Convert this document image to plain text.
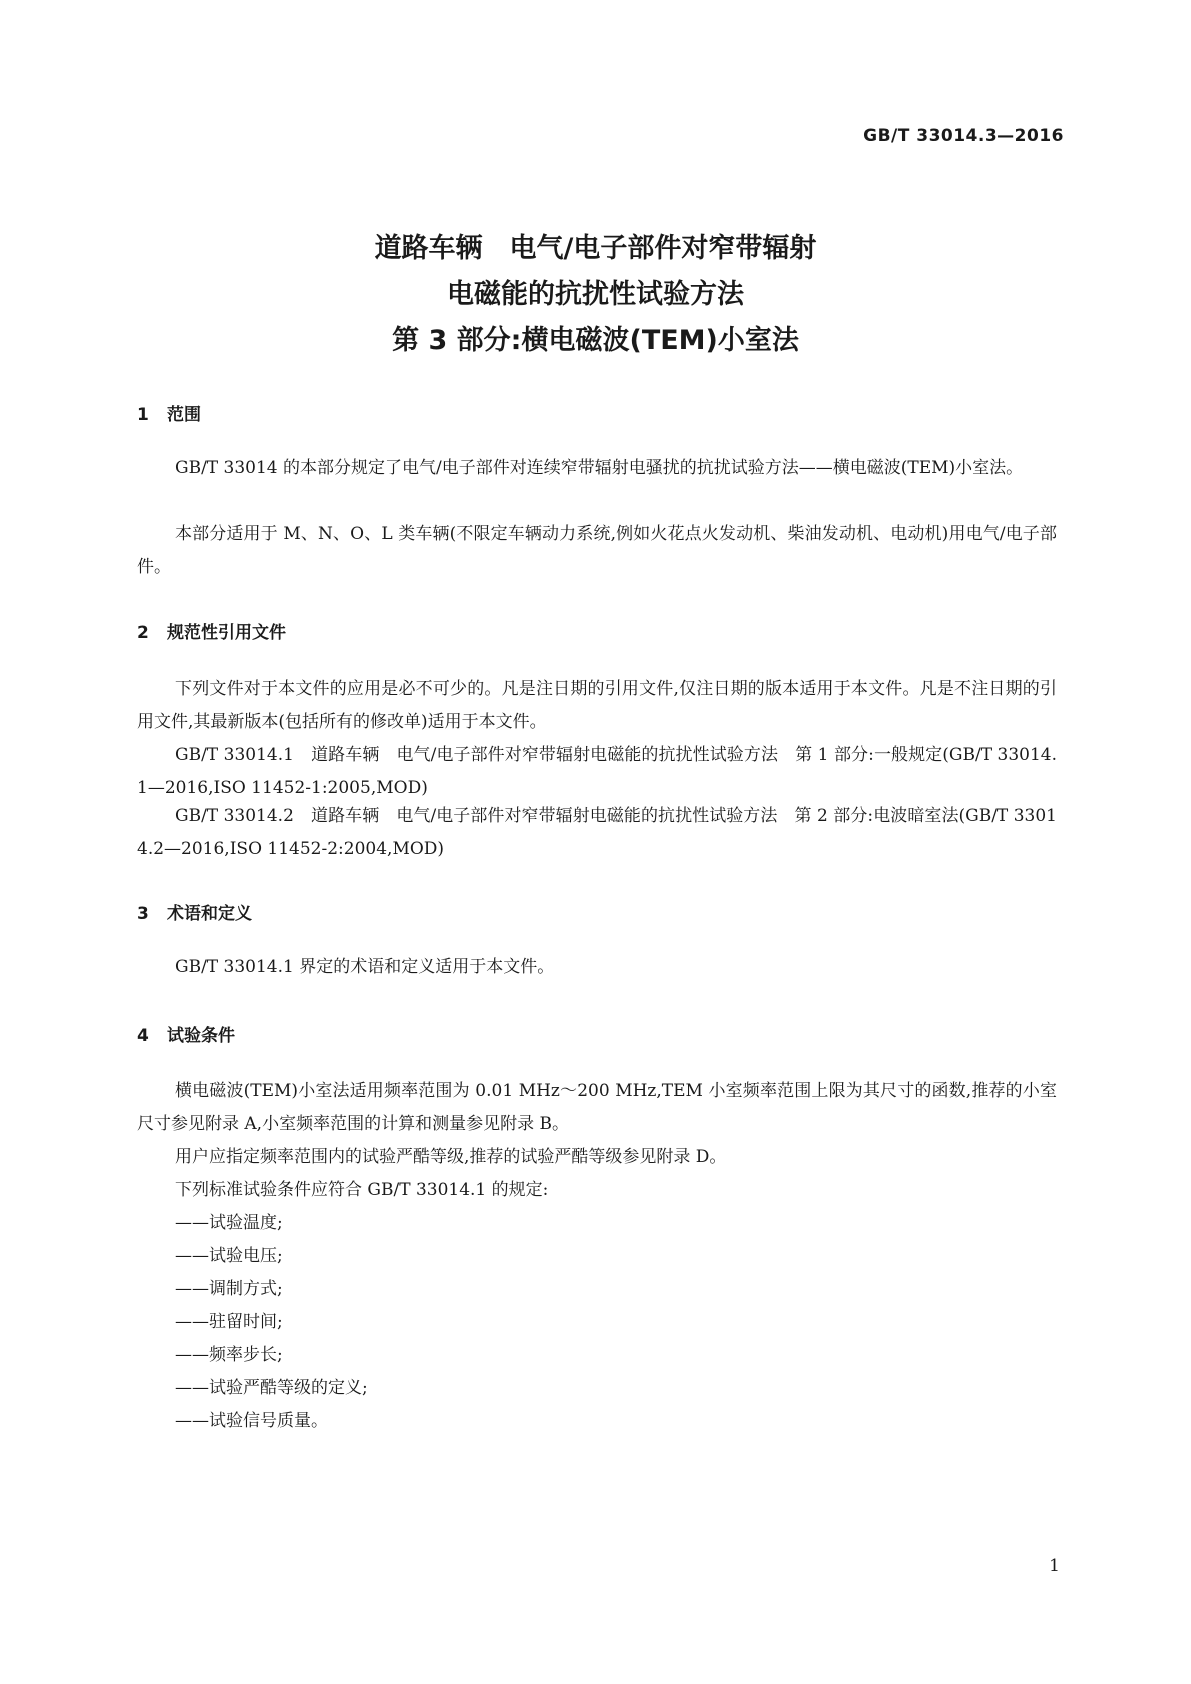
GB/T 33014.3—2016
道路车辆　电气/电子部件对窄带辐射
电磁能的抗扰性试验方法
第 3 部分:横电磁波(TEM)小室法
1 范围

GB/T 33014 的本部分规定了电气/电子部件对连续窄带辐射电骚扰的抗扰试验方法——横电磁波(TEM)小室法。

本部分适用于 M、N、O、L 类车辆(不限定车辆动力系统,例如火花点火发动机、柴油发动机、电动机)用电气/电子部件。

2 规范性引用文件

下列文件对于本文件的应用是必不可少的。凡是注日期的引用文件,仅注日期的版本适用于本文件。凡是不注日期的引用文件,其最新版本(包括所有的修改单)适用于本文件。

GB/T 33014.1　道路车辆　电气/电子部件对窄带辐射电磁能的抗扰性试验方法　第 1 部分:一般规定(GB/T 33014.1—2016,ISO 11452-1:2005,MOD)

GB/T 33014.2　道路车辆　电气/电子部件对窄带辐射电磁能的抗扰性试验方法　第 2 部分:电波暗室法(GB/T 33014.2—2016,ISO 11452-2:2004,MOD)

3 术语和定义

GB/T 33014.1 界定的术语和定义适用于本文件。

4 试验条件

横电磁波(TEM)小室法适用频率范围为 0.01 MHz～200 MHz,TEM 小室频率范围上限为其尺寸的函数,推荐的小室尺寸参见附录 A,小室频率范围的计算和测量参见附录 B。

用户应指定频率范围内的试验严酷等级,推荐的试验严酷等级参见附录 D。

下列标准试验条件应符合 GB/T 33014.1 的规定:

——试验温度;
——试验电压;
——调制方式;
——驻留时间;
——频率步长;
——试验严酷等级的定义;
——试验信号质量。
1
